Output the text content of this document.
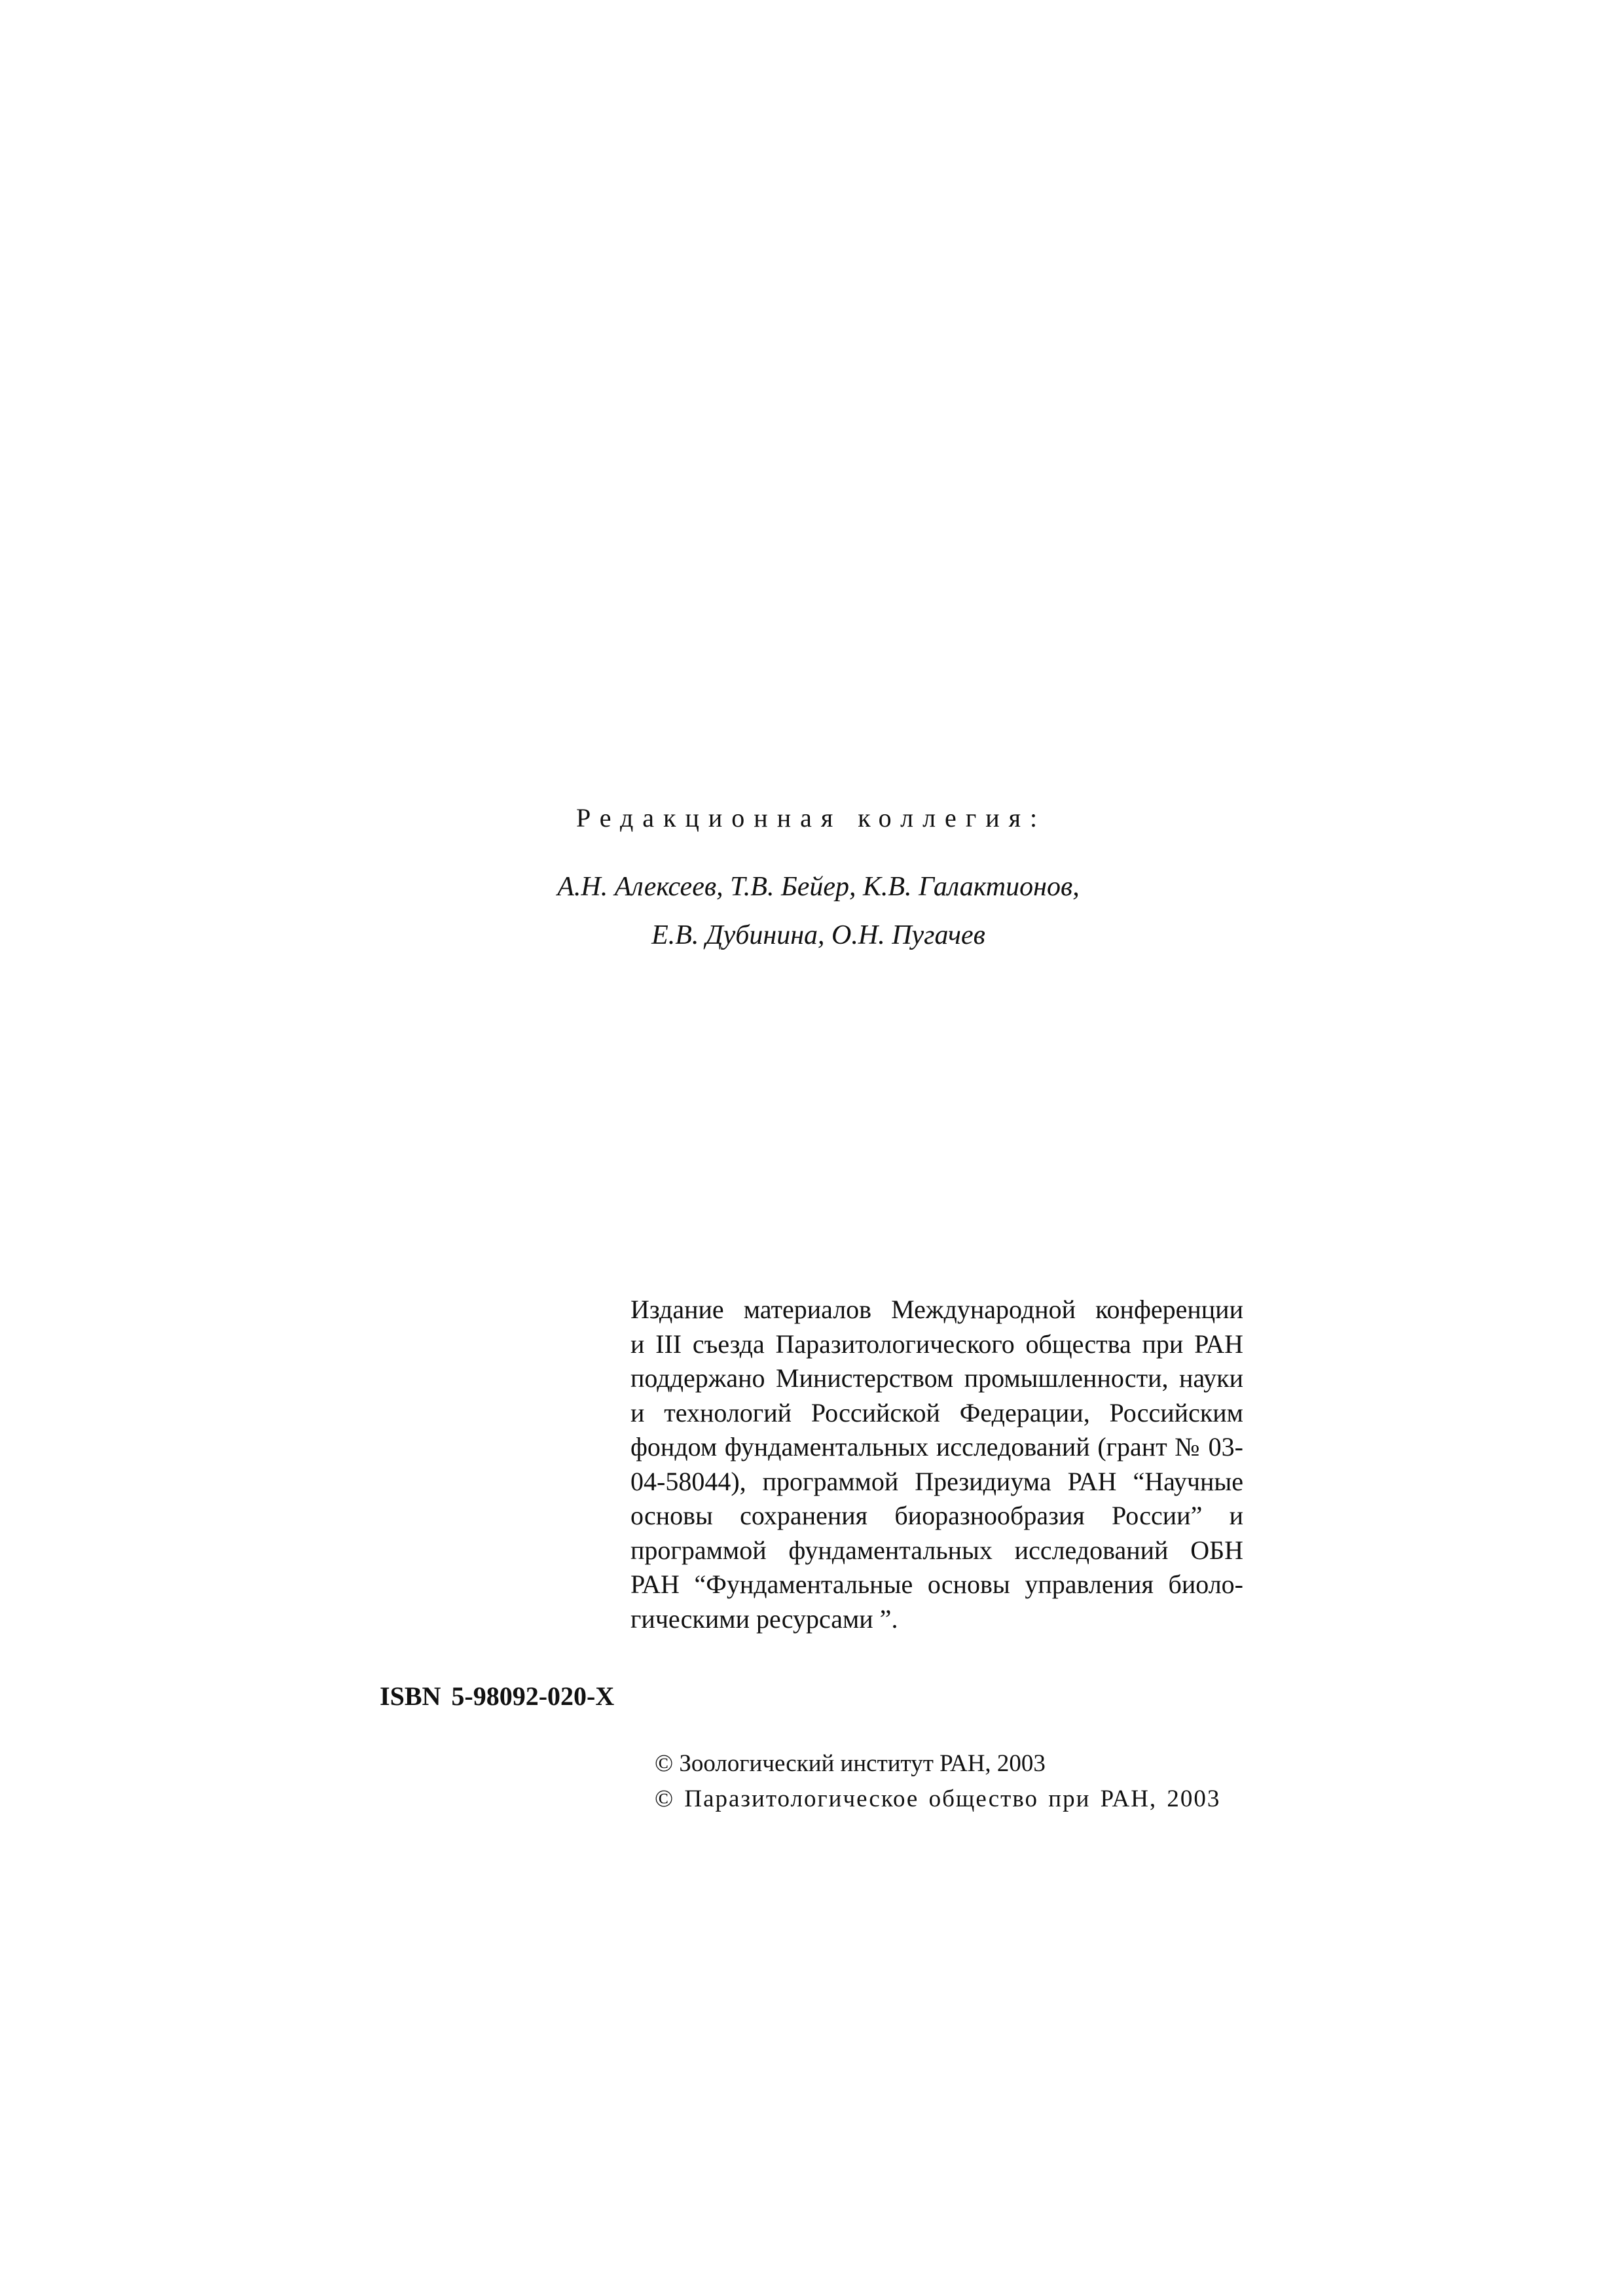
Редакционная коллегия:
А.Н. Алексеев, Т.В. Бейер, К.В. Галактионов,
Е.В. Дубинина, О.Н. Пугачев
Издание материалов Международной конференции
и III съезда Паразитологического общества при РАН
поддержано Министерством промышленности, науки
и технологий Российской Федерации, Российским
фондом фундаментальных исследований (грант № 03-
04-58044), программой Президиума РАН “Научные
основы сохранения биоразнообразия России” и
программой фундаментальных исследований ОБН
РАН “Фундаментальные основы управления биоло-
гическими ресурсами ”.
ISBN 5-98092-020-X
© Зоологический институт РАН, 2003
© Паразитологическое общество при РАН, 2003
